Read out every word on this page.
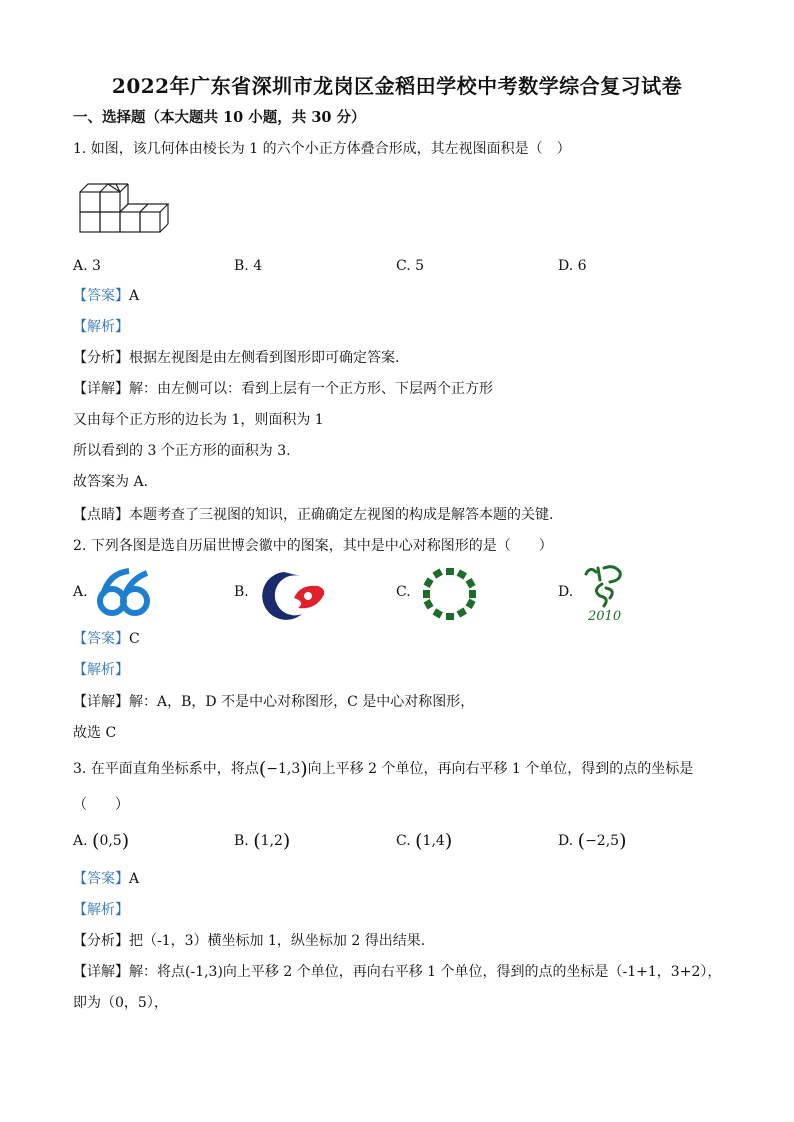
2022年广东省深圳市龙岗区金稻田学校中考数学综合复习试卷
一、选择题（本大题共 10 小题，共 30 分）
1. 如图，该几何体由棱长为 1 的六个小正方体叠合形成，其左视图面积是（　）
A. 3	B. 4	C. 5	D. 6
【答案】A
【解析】
【分析】根据左视图是由左侧看到图形即可确定答案.
【详解】解：由左侧可以：看到上层有一个正方形、下层两个正方形
又由每个正方形的边长为 1，则面积为 1
所以看到的 3 个正方形的面积为 3.
故答案为 A.
【点睛】本题考查了三视图的知识，正确确定左视图的构成是解答本题的关键.
2. 下列各图是选自历届世博会徽中的图案，其中是中心对称图形的是（　　）
A.	B.	C.	D.
2010
【答案】C
【解析】
【详解】解：A，B，D 不是中心对称图形，C 是中心对称图形，
故选 C
3. 在平面直角坐标系中，将点(−1,3)向上平移 2 个单位，再向右平移 1 个单位，得到的点的坐标是
（　　）
A. (0,5)	B. (1,2)	C. (1,4)	D. (−2,5)
【答案】A
【解析】
【分析】把（-1，3）横坐标加 1，纵坐标加 2 得出结果.
【详解】解：将点(-1,3)向上平移 2 个单位，再向右平移 1 个单位，得到的点的坐标是（-1+1，3+2），
即为（0，5），
